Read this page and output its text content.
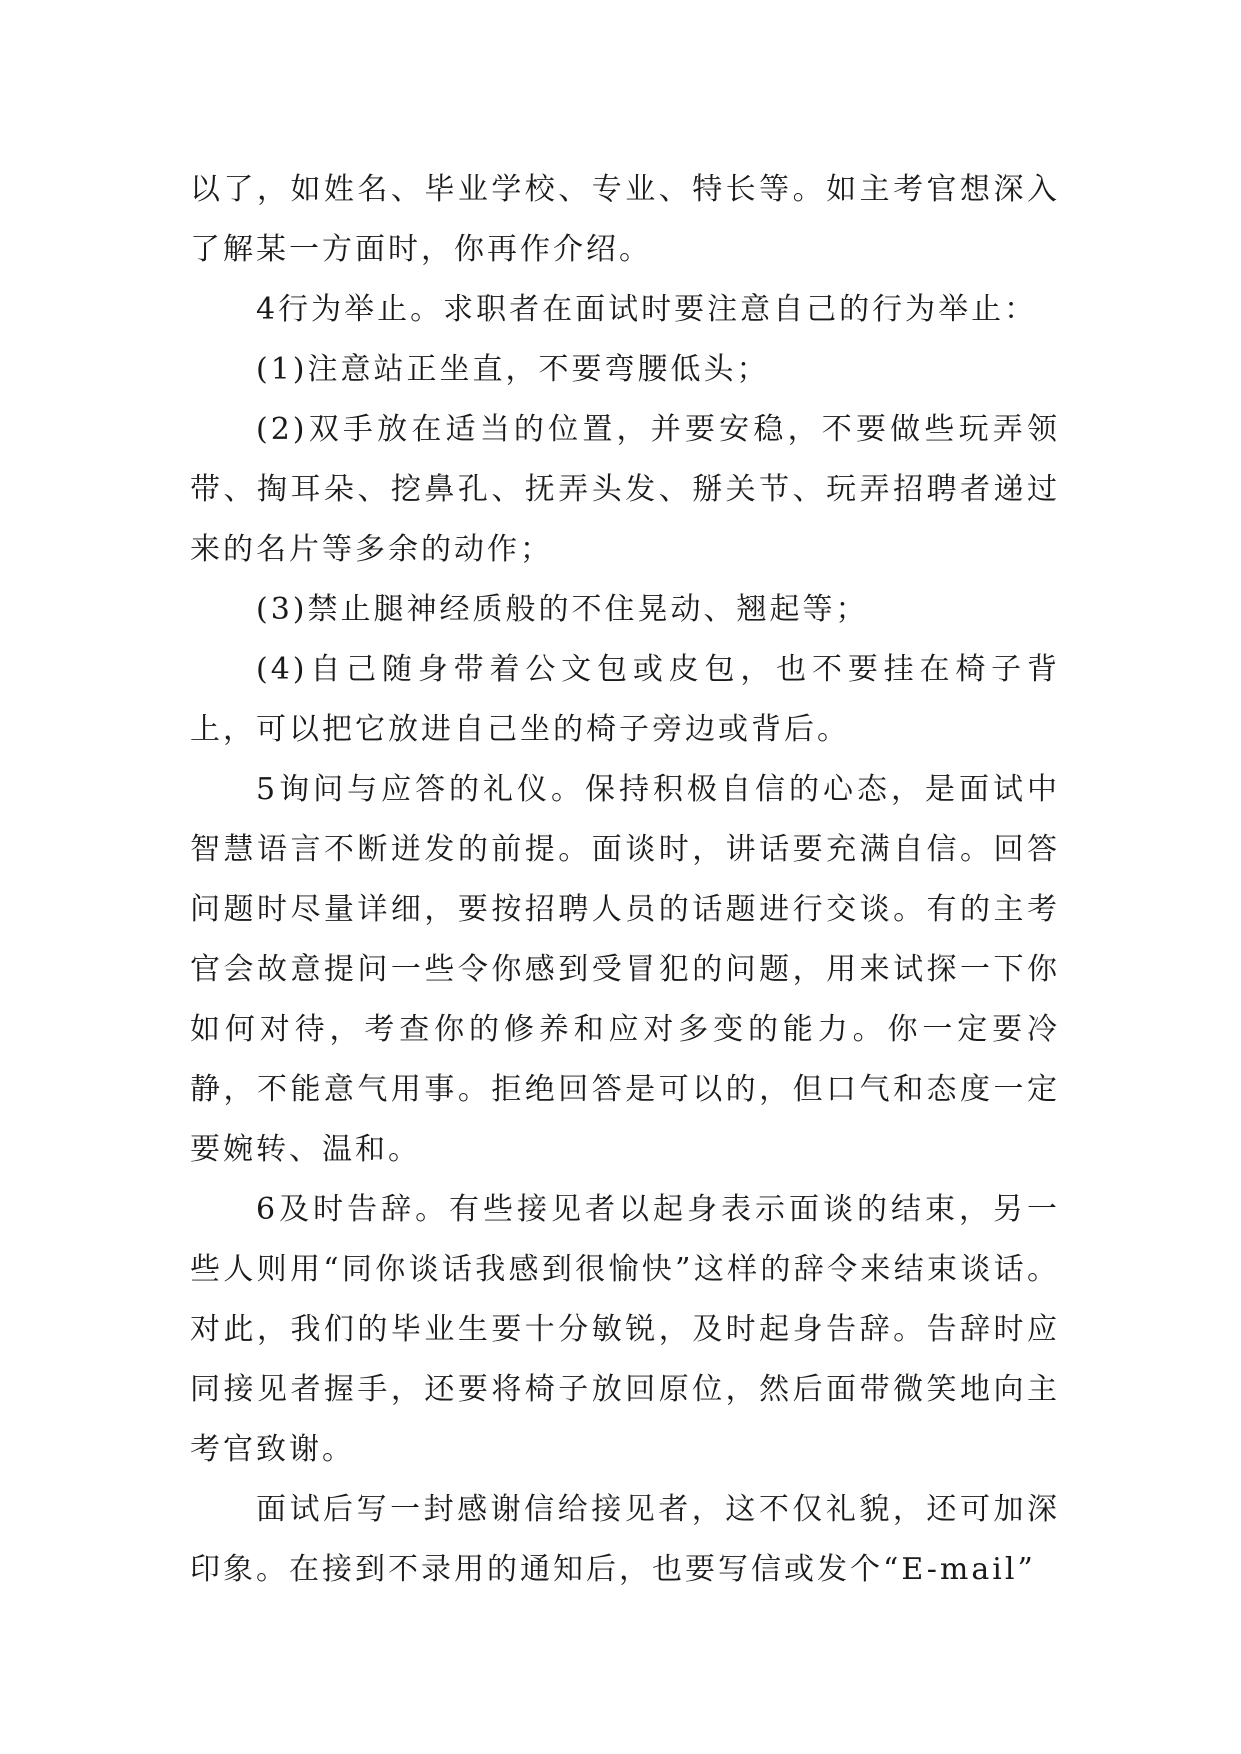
以了，如姓名、毕业学校、专业、特长等。如主考官想深入了解某一方面时，你再作介绍。

4行为举止。求职者在面试时要注意自己的行为举止：

(1)注意站正坐直，不要弯腰低头；

(2)双手放在适当的位置，并要安稳，不要做些玩弄领带、掏耳朵、挖鼻孔、抚弄头发、掰关节、玩弄招聘者递过来的名片等多余的动作；

(3)禁止腿神经质般的不住晃动、翘起等；

(4)自己随身带着公文包或皮包，也不要挂在椅子背上，可以把它放进自己坐的椅子旁边或背后。

5询问与应答的礼仪。保持积极自信的心态，是面试中智慧语言不断迸发的前提。面谈时，讲话要充满自信。回答问题时尽量详细，要按招聘人员的话题进行交谈。有的主考官会故意提问一些令你感到受冒犯的问题，用来试探一下你如何对待，考查你的修养和应对多变的能力。你一定要冷静，不能意气用事。拒绝回答是可以的，但口气和态度一定要婉转、温和。

6及时告辞。有些接见者以起身表示面谈的结束，另一些人则用“同你谈话我感到很愉快”这样的辞令来结束谈话。对此，我们的毕业生要十分敏锐，及时起身告辞。告辞时应同接见者握手，还要将椅子放回原位，然后面带微笑地向主考官致谢。

面试后写一封感谢信给接见者，这不仅礼貌，还可加深印象。在接到不录用的通知后，也要写信或发个“E-mail”
